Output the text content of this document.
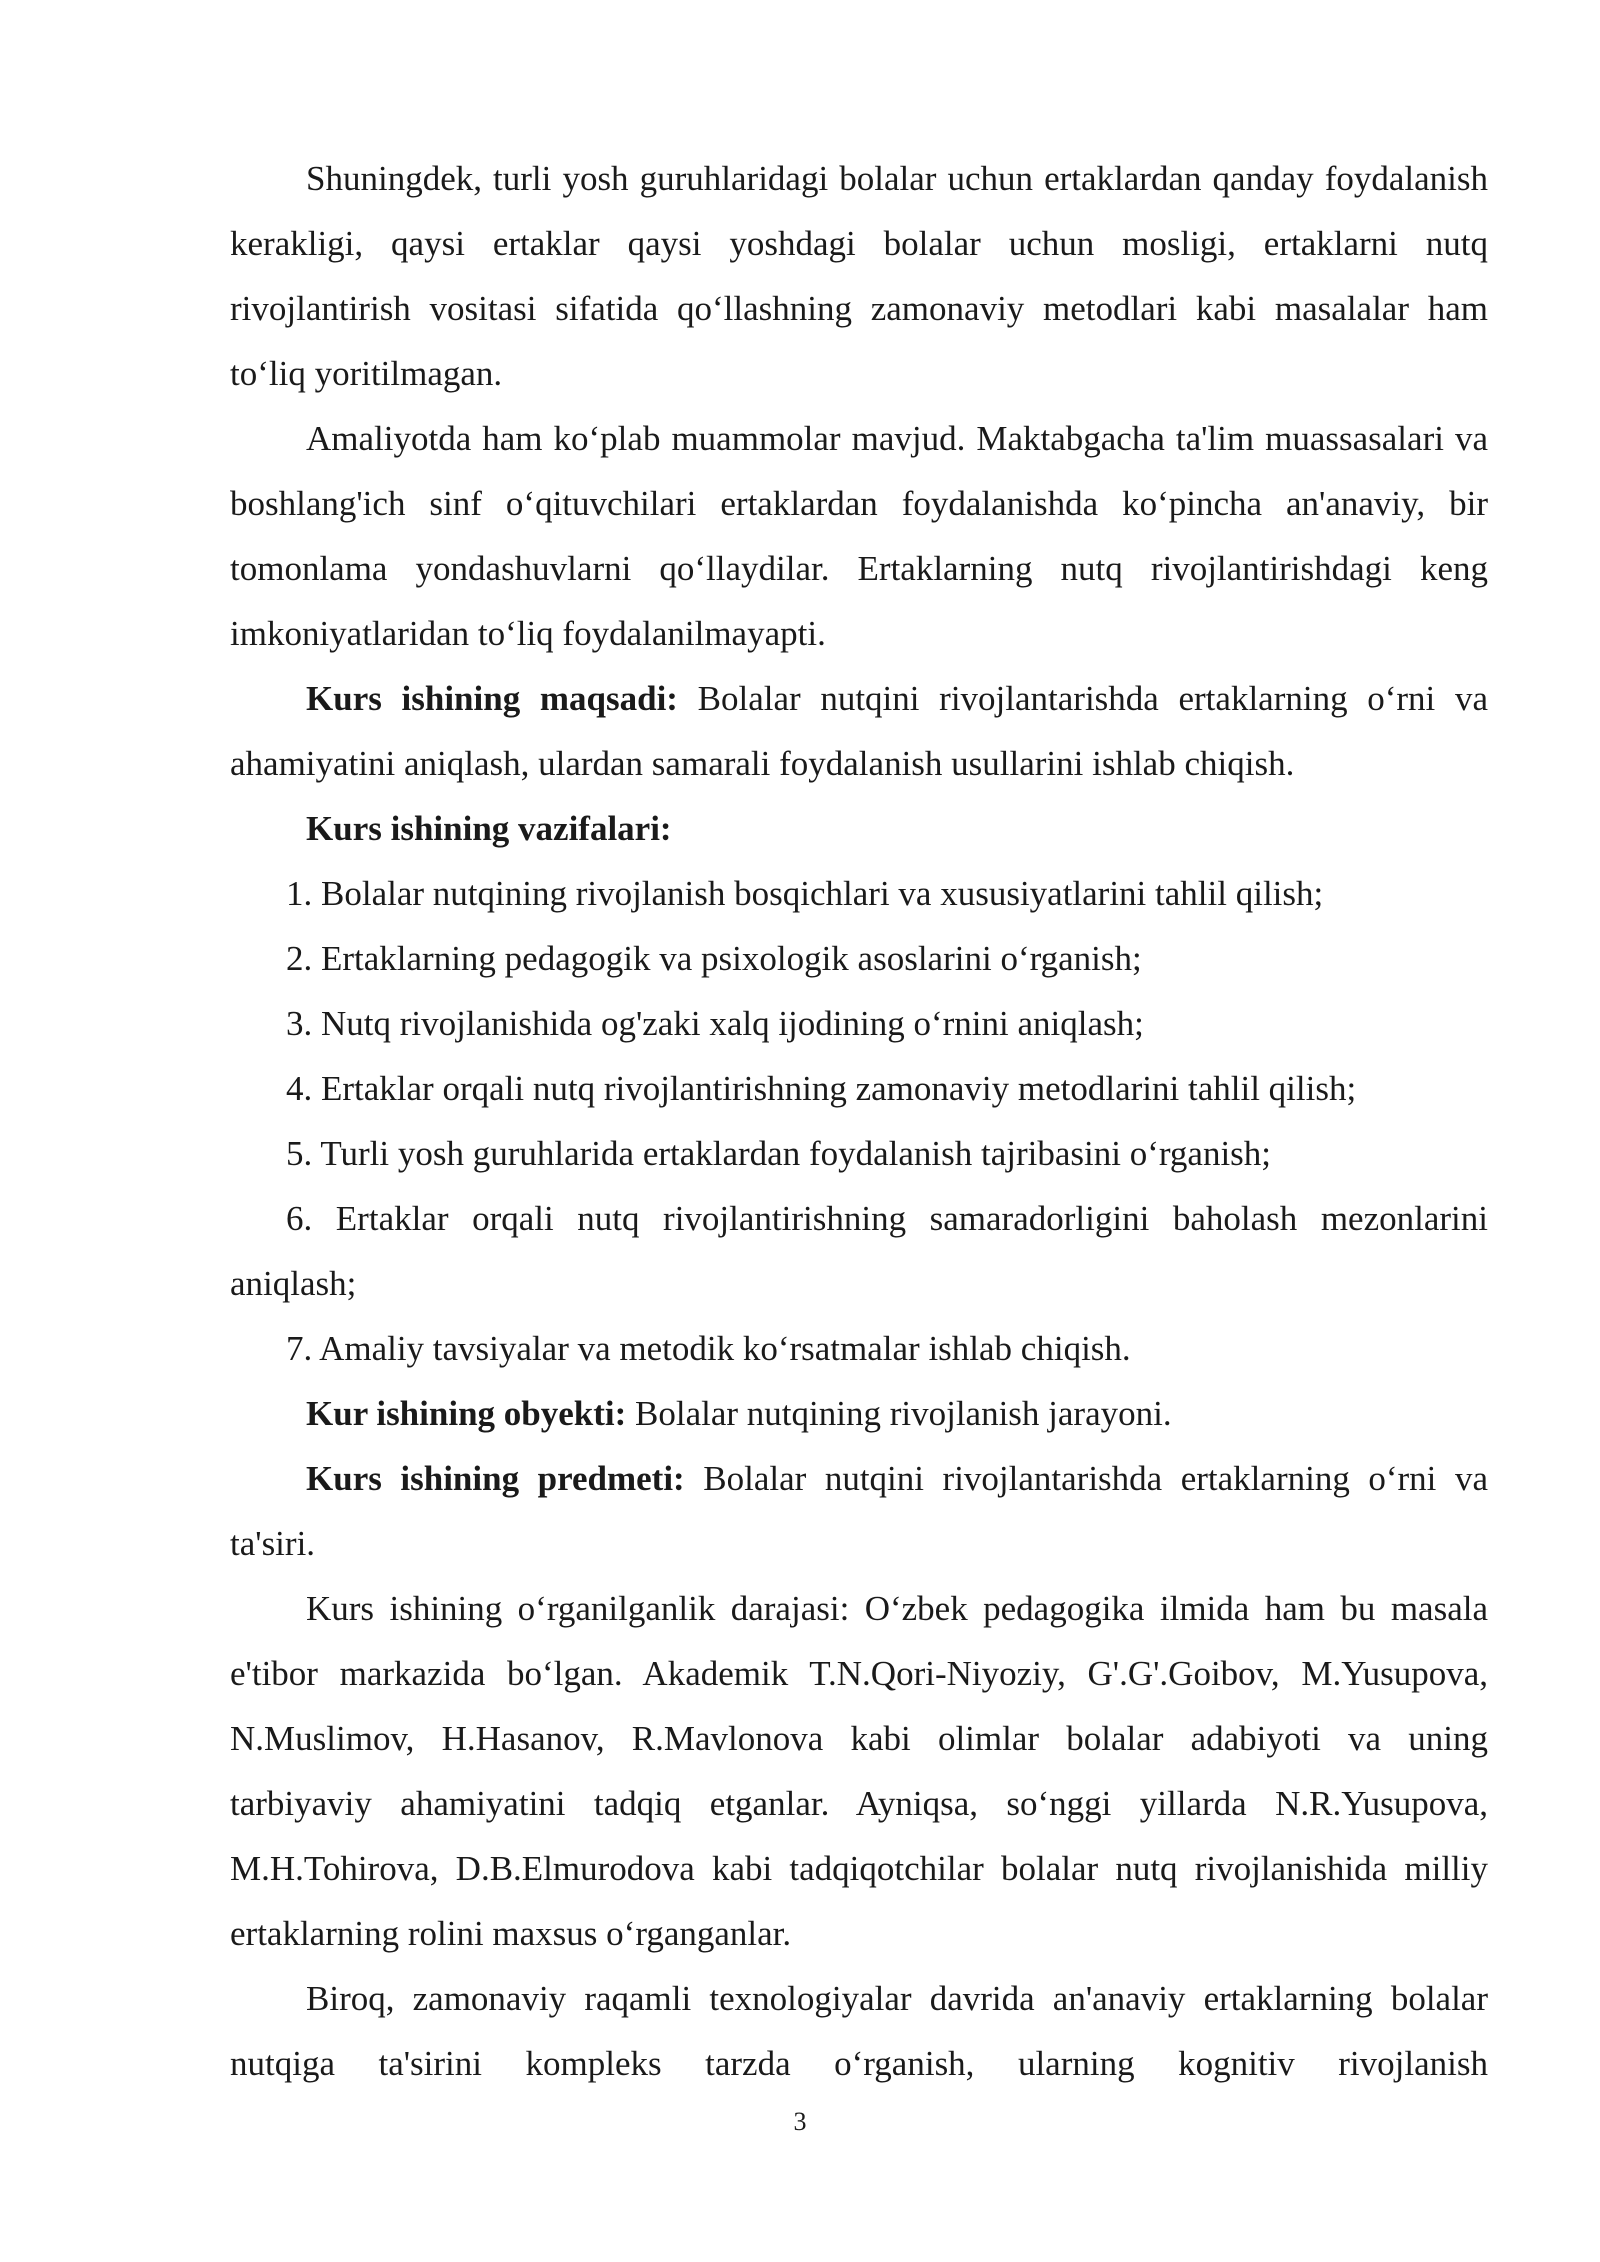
Shuningdek, turli yosh guruhlaridagi bolalar uchun ertaklardan qanday foydalanish kerakligi, qaysi ertaklar qaysi yoshdagi bolalar uchun mosligi, ertaklarni nutq rivojlantirish vositasi sifatida qo‘llashning zamonaviy metodlari kabi masalalar ham to‘liq yoritilmagan.

Amaliyotda ham ko‘plab muammolar mavjud. Maktabgacha ta'lim muassasalari va boshlang'ich sinf o‘qituvchilari ertaklardan foydalanishda ko‘pincha an'anaviy, bir tomonlama yondashuvlarni qo‘llaydilar. Ertaklarning nutq rivojlantirishdagi keng imkoniyatlaridan to‘liq foydalanilmayapti.

Kurs ishining maqsadi: Bolalar nutqini rivojlantarishda ertaklarning o‘rni va ahamiyatini aniqlash, ulardan samarali foydalanish usullarini ishlab chiqish.

Kurs ishining vazifalari:

1. Bolalar nutqining rivojlanish bosqichlari va xususiyatlarini tahlil qilish;

2. Ertaklarning pedagogik va psixologik asoslarini o‘rganish;

3. Nutq rivojlanishida og'zaki xalq ijodining o‘rnini aniqlash;

4. Ertaklar orqali nutq rivojlantirishning zamonaviy metodlarini tahlil qilish;

5. Turli yosh guruhlarida ertaklardan foydalanish tajribasini o‘rganish;

6. Ertaklar orqali nutq rivojlantirishning samaradorligini baholash mezonlarini aniqlash;

7. Amaliy tavsiyalar va metodik ko‘rsatmalar ishlab chiqish.

Kur ishining obyekti: Bolalar nutqining rivojlanish jarayoni.

Kurs ishining predmeti: Bolalar nutqini rivojlantarishda ertaklarning o‘rni va ta'siri.

Kurs ishining o‘rganilganlik darajasi: O‘zbek pedagogika ilmida ham bu masala e'tibor markazida bo‘lgan. Akademik T.N.Qori-Niyoziy, G'.G'.Goibov, M.Yusupova, N.Muslimov, H.Hasanov, R.Mavlonova kabi olimlar bolalar adabiyoti va uning tarbiyaviy ahamiyatini tadqiq etganlar. Ayniqsa, so‘nggi yillarda N.R.Yusupova, M.H.Tohirova, D.B.Elmurodova kabi tadqiqotchilar bolalar nutq rivojlanishida milliy ertaklarning rolini maxsus o‘rganganlar.

Biroq, zamonaviy raqamli texnologiyalar davrida an'anaviy ertaklarning bolalar nutqiga ta'sirini kompleks tarzda o‘rganish, ularning kognitiv rivojlanish

3
